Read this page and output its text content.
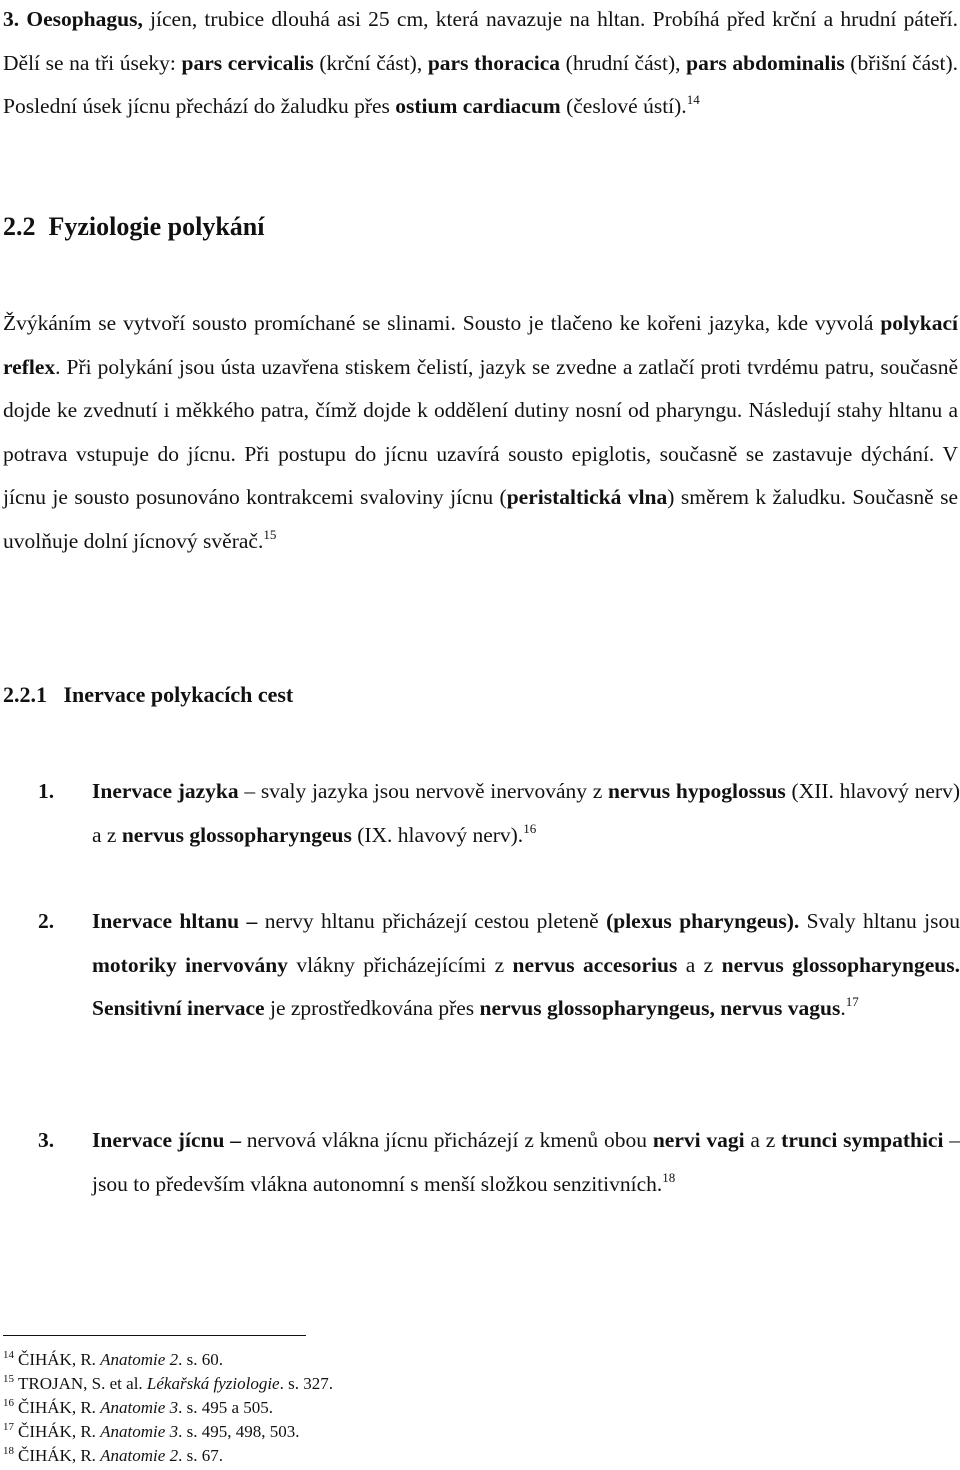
3. Oesophagus, jícen, trubice dlouhá asi 25 cm, která navazuje na hltan. Probíhá před krční a hrudní páteří. Dělí se na tři úseky: pars cervicalis (krční část), pars thoracica (hrudní část), pars abdominalis (břišní část). Poslední úsek jícnu přechází do žaludku přes ostium cardiacum (česlové ústí).$^{14}$

2.2  Fyziologie polykání

Žvýkáním se vytvoří sousto promíchané se slinami. Sousto je tlačeno ke kořeni jazyka, kde vyvolá polykací reflex. Při polykání jsou ústa uzavřena stiskem čelistí, jazyk se zvedne a zatlačí proti tvrdému patru, současně dojde ke zvednutí i měkkého patra, čímž dojde k oddělení dutiny nosní od pharyngu. Následují stahy hltanu a potrava vstupuje do jícnu. Při postupu do jícnu uzavírá sousto epiglotis, současně se zastavuje dýchání. V jícnu je sousto posunováno kontrakcemi svaloviny jícnu (peristaltická vlna) směrem k žaludku. Současně se uvolňuje dolní jícnový svěrač.$^{15}$

2.2.1   Inervace polykacích cest
1. Inervace jazyka – svaly jazyka jsou nervově inervovány z nervus hypoglossus (XII. hlavový nerv) a z nervus glossopharyngeus (IX. hlavový nerv).$^{16}$

2. Inervace hltanu – nervy hltanu přicházejí cestou pleteně (plexus pharyngeus). Svaly hltanu jsou motoriky inervovány vlákny přicházejícími z nervus accesorius a z nervus glossopharyngeus. Sensitivní inervace je zprostředkována přes nervus glossopharyngeus, nervus vagus.$^{17}$

3. Inervace jícnu – nervová vlákna jícnu přicházejí z kmenů obou nervi vagi a z trunci sympathici – jsou to především vlákna autonomní s menší složkou senzitivních.$^{18}$

$^{14}$ ČIHÁK, R. Anatomie 2. s. 60.
$^{15}$ TROJAN, S. et al. Lékařská fyziologie. s. 327.
$^{16}$ ČIHÁK, R. Anatomie 3. s. 495 a 505.
$^{17}$ ČIHÁK, R. Anatomie 3. s. 495, 498, 503.
$^{18}$ ČIHÁK, R. Anatomie 2. s. 67.
